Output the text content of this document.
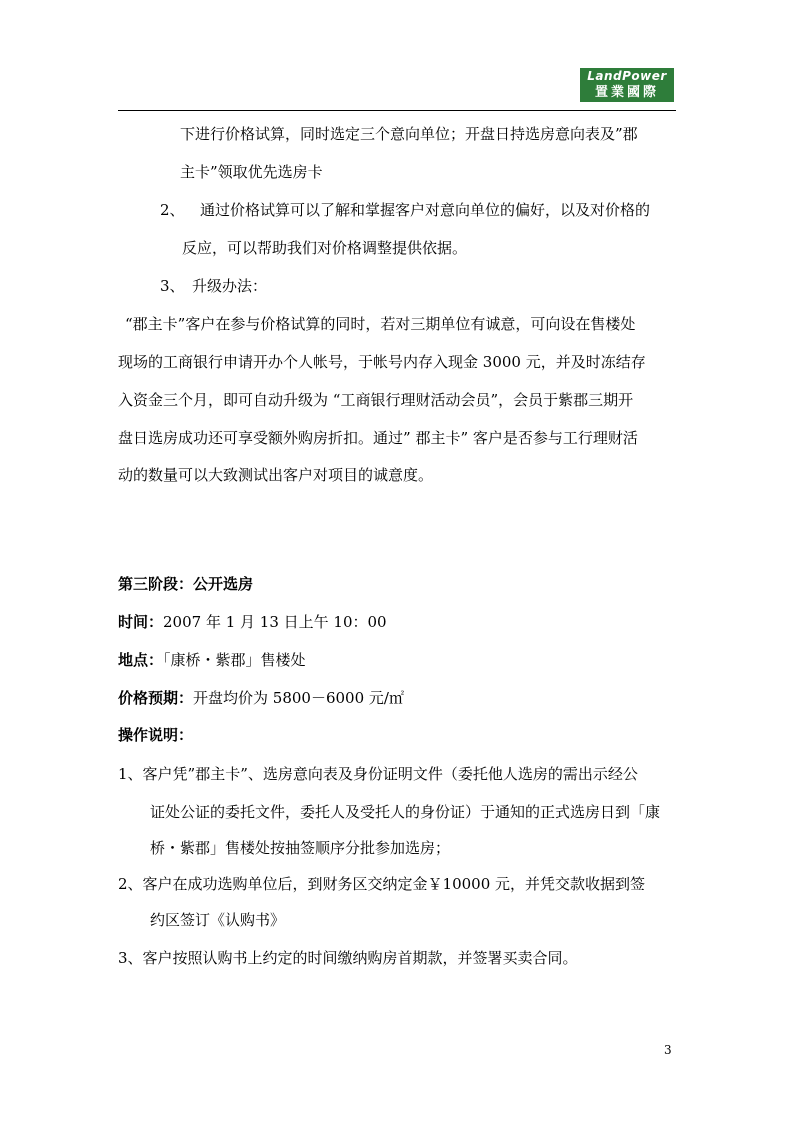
LandPower
置業國際
下进行价格试算，同时选定三个意向单位；开盘日持选房意向表及”郡
主卡”领取优先选房卡
2、 通过价格试算可以了解和掌握客户对意向单位的偏好，以及对价格的
反应，可以帮助我们对价格调整提供依据。
3、 升级办法：
“郡主卡”客户在参与价格试算的同时，若对三期单位有诚意，可向设在售楼处
现场的工商银行申请开办个人帐号，于帐号内存入现金 3000 元，并及时冻结存
入资金三个月，即可自动升级为 “工商银行理财活动会员”，会员于紫郡三期开
盘日选房成功还可享受额外购房折扣。通过” 郡主卡” 客户是否参与工行理财活
动的数量可以大致测试出客户对项目的诚意度。
第三阶段：公开选房
时间：2007 年 1 月 13 日上午 10：00
地点：「康桥・紫郡」售楼处
价格预期：开盘均价为 5800－6000 元/㎡
操作说明：
1、客户凭”郡主卡”、选房意向表及身份证明文件（委托他人选房的需出示经公
证处公证的委托文件，委托人及受托人的身份证）于通知的正式选房日到「康
桥・紫郡」售楼处按抽签顺序分批参加选房；
2、客户在成功选购单位后，到财务区交纳定金￥10000 元，并凭交款收据到签
约区签订《认购书》
3、客户按照认购书上约定的时间缴纳购房首期款，并签署买卖合同。
3
